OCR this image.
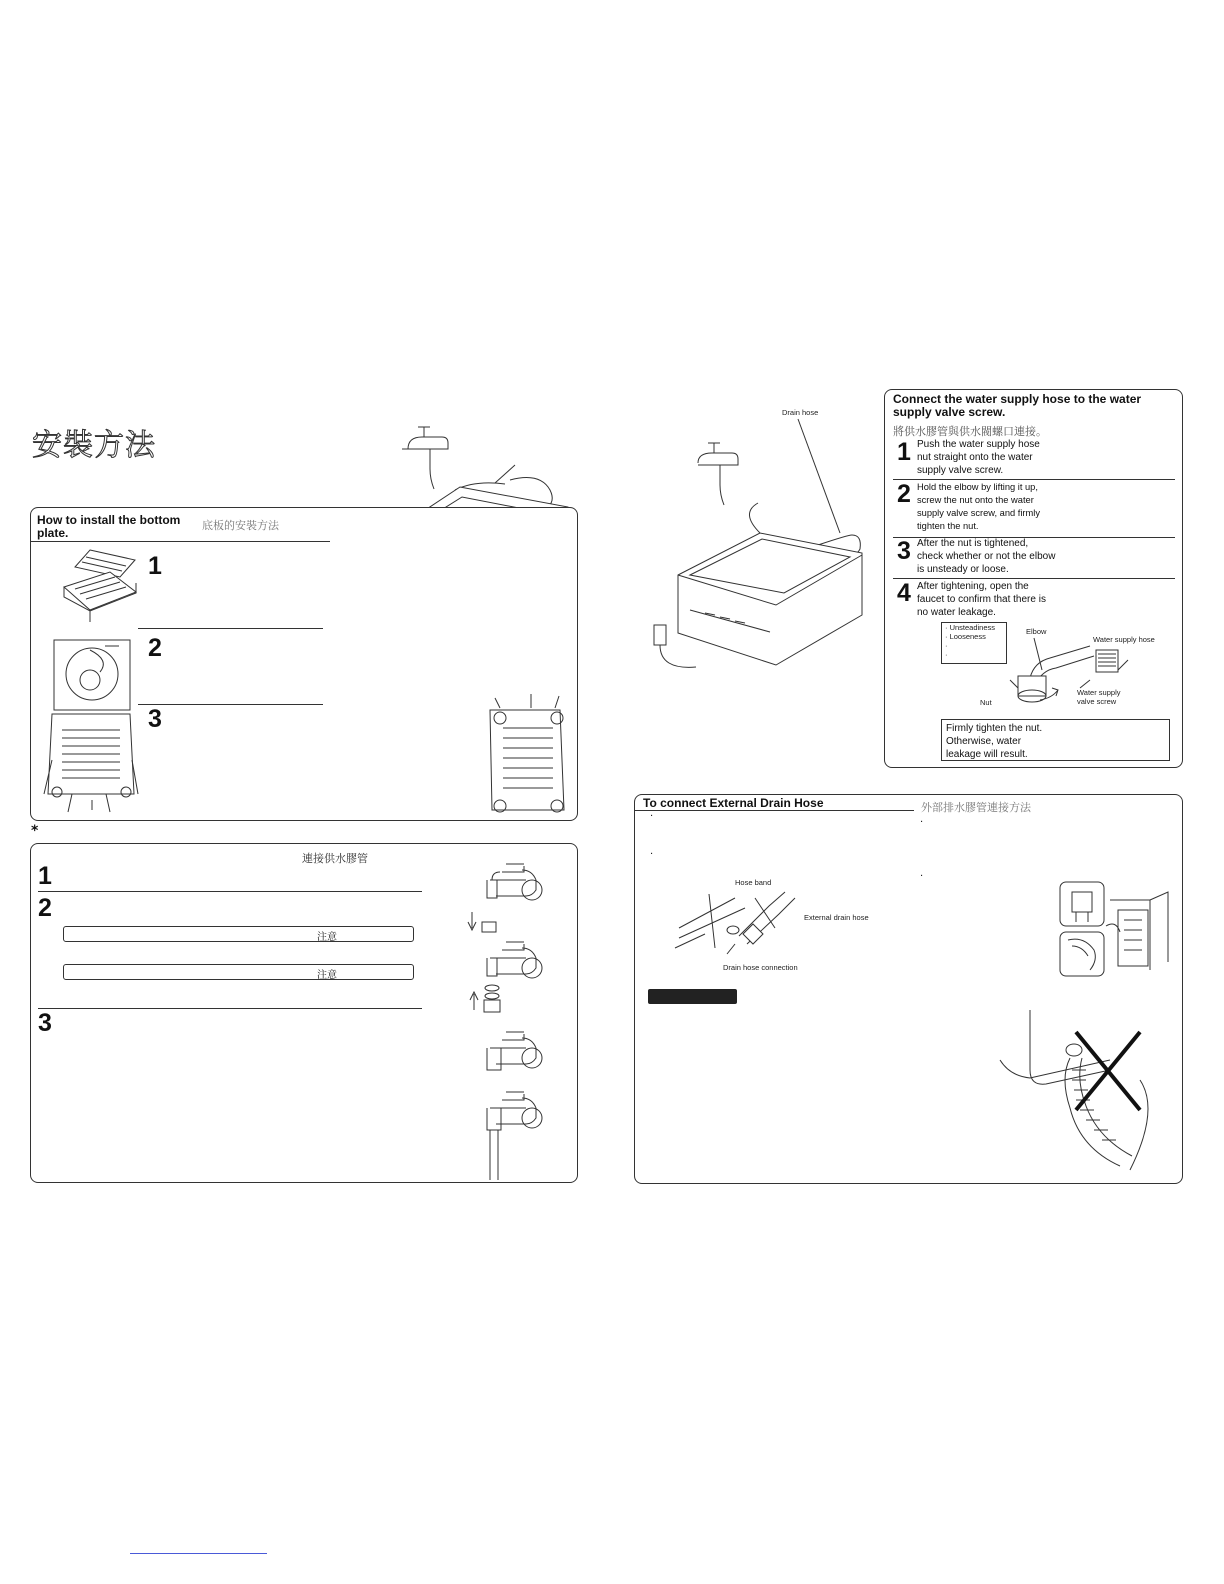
安裝方法
How to install the bottom plate.
底板的安裝方法
1
2
3
*
連接供水膠管
1
2
注意
注意
3
Drain hose
Connect the water supply hose to the water supply valve screw.
將供水膠管與供水閥螺口連接。
1 Push the water supply hose nut straight onto the water supply valve screw.
2 Hold the elbow by lifting it up, screw the nut onto the water supply valve screw, and firmly tighten the nut.
3 After the nut is tightened, check whether or not the elbow is unsteady or loose.
4 After tightening, open the faucet to confirm that there is no water leakage.
· Unsteadiness
· Looseness
·
·
Elbow
Water supply hose
Nut
Water supply valve screw
Firmly tighten the nut. Otherwise, water leakage will result.
To connect External Drain Hose	外部排水膠管連接方法
·
·
·
·
Hose band
External drain hose
Drain hose connection
